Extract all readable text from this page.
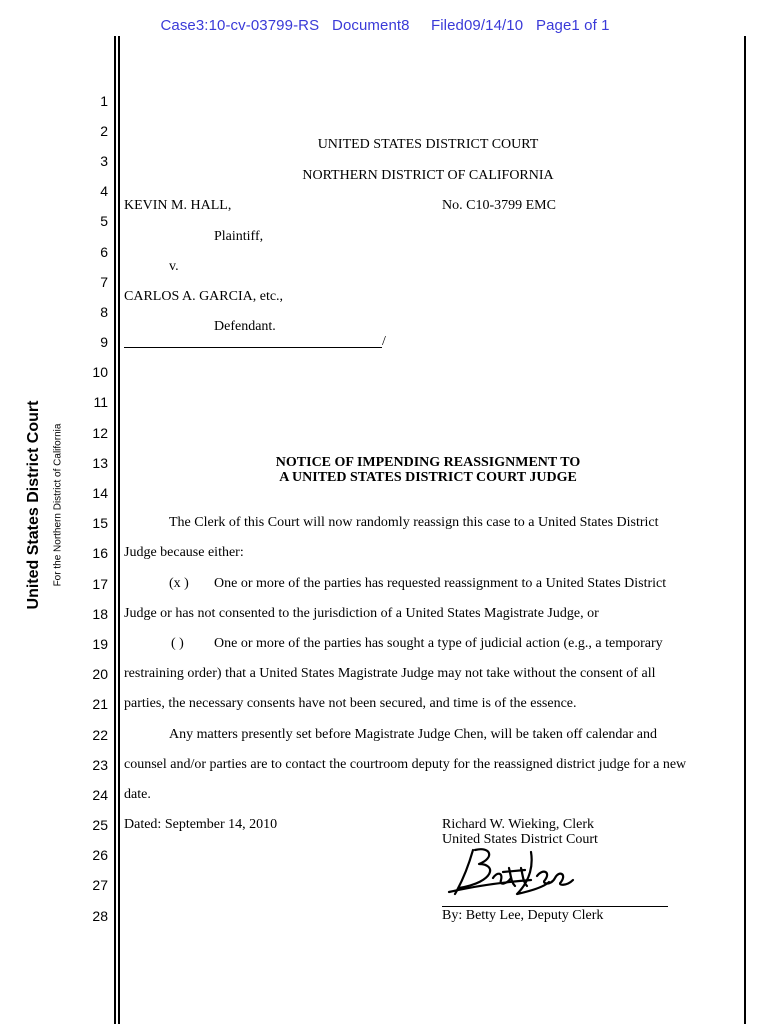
Case3:10-cv-03799-RS Document8 Filed09/14/10 Page1 of 1
United States District Court For the Northern District of California
1
2
3
4
5
6
7
8
9
10
11
12
13
14
15
16
17
18
19
20
21
22
23
24
25
26
27
28
UNITED STATES DISTRICT COURT
NORTHERN DISTRICT OF CALIFORNIA
KEVIN M. HALL,	No. C10-3799 EMC
Plaintiff,
v.
CARLOS A. GARCIA, etc.,
Defendant.
/
NOTICE OF IMPENDING REASSIGNMENT TO
A UNITED STATES DISTRICT COURT JUDGE
The Clerk of this Court will now randomly reassign this case to a United States District
Judge because either:
(x ) One or more of the parties has requested reassignment to a United States District
Judge or has not consented to the jurisdiction of a United States Magistrate Judge, or
( ) One or more of the parties has sought a type of judicial action (e.g., a temporary
restraining order) that a United States Magistrate Judge may not take without the consent of all
parties, the necessary consents have not been secured, and time is of the essence.
Any matters presently set before Magistrate Judge Chen, will be taken off calendar and
counsel and/or parties are to contact the courtroom deputy for the reassigned district judge for a new
date.
Dated: September 14, 2010	Richard W. Wieking, Clerk
United States District Court
By: Betty Lee, Deputy Clerk
